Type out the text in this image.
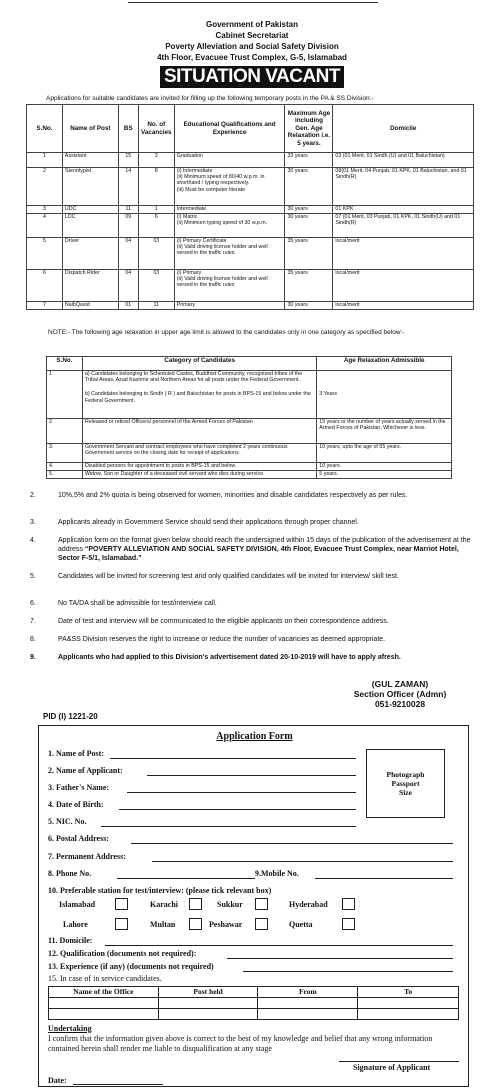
Government of Pakistan
Cabinet Secretariat
Poverty Alleviation and Social Safety Division
4th Floor, Evacuee Trust Complex, G-5, Islamabad
SITUATION VACANT
Applications for suitable candidates are invited for filling up the following temporary posts in the PA & SS Division:-
S.No.	Name of Post	BS	No. of Vacancies	Educational Qualifications and Experience	Maximum Age including Gen. Age Relaxation i.e. 5 years.	Domicile
1	Assistant	15	3	Graduation	33 years	03 (01 Merit, 01 Sindh (U) and 01 Baluchistan)
2	Stenotypist	14	8	(i) Intermediate
(ii) Minimum speed of 80/40 w.p.m. in shorthand / typing respectively.
(iii) Must be computer literate	30 years	08(01 Merit, 04 Punjab, 01 KPK, 01 Baluchistan, and 01 Sindh(R)
3	UDC	11	1	Intermediate	30 years	01 KPK
4	LDC	09	6	(i) Matric
(ii) Minimum typing speed of 30 w.p.m.	30 years	07 (01 Merit, 03 Punjab, 01 KPK, 01 Sindh(U) and 01 Sindh(R)
5	Driver	04	03	(i) Primary Certificate
(ii) Valid driving license holder and well versed in the traffic rules.	35 years	local/merit
6	Dispatch Rider	04	03	(i) Primary
(ii) Valid driving license holder and well versed in the traffic rules	35 years	local/merit
7	NaibQasid	01	11	Primary	30 years	local/merit
NOTE:- The following age relaxation in upper age limit is allowed to the candidates only in one category as specified below:-
S.No.	Category of Candidates	Age Relaxation Admissible
1	a) Candidates belonging to Scheduled Castes, Buddhist Community, recognized tribes of the Tribal Areas, Azad Kashmir and Northern Areas for all posts under the Federal Government.
b) Candidates belonging to Sindh ( R ) and Baluchistan for posts in BPS-15 and below under the Federal Government.	3 Years
2.	Released or retired Officers/ personnel of the Armed Forces of Pakistan	15 years or the number of years actually served in the Armed Forces of Pakistan, Whichever is less.
3.	Government Servant and contract employees who have completed 2 years continuous Government service on the closing date for receipt of applications.	10 years, upto the age of 55 years.
4.	Disabled persons for appointment to posts in BPS-15 and below.	10 years.
5.	Widow, Son or Daughter of a deceased civil servant who dies during service.	5 years.
2.	10%,5% and 2% quota is being observed for women, minorities and disable candidates respectively as per rules.
3.	Applicants already in Government Service should send their applications through proper channel.
4.	Application form on the format given below should reach the undersigned within 15 days of the publication of the advertisement at the address “POVERTY ALLEVIATION AND SOCIAL SAFETY DIVISION, 4th Floor, Evacuee Trust Complex, near Marriot Hotel, Sector F-5/1, Islamabad.”
5.	Candidates will be invited for screening test and only qualified candidates will be invited for interview/ skill test.
6.	No TA/DA shall be admissible for test/interview call.
7.	Date of test and interview will be communicated to the eligible applicants on their correspondence address.
8.	PA&SS Division reserves the right to increase or reduce the number of vacancies as deemed appropriate.
9.	Applicants who had applied to this Division's advertisement dated 20-10-2019 will have to apply afresh.
(GUL ZAMAN)
Section Officer (Admn)
051-9210028
PID (I) 1221-20
Application Form
1. Name of Post:
2. Name of Applicant:
3. Father's Name:
4. Date of Birth:
5. NIC. No.
Photograph
Passport
Size
6. Postal Address:
7. Permanent Address:
8. Phone No.	9.Mobile No.
10. Preferable station for test/interview: (please tick relevant box)
Islamabad	Karachi	Sukkur	Hyderabad
Lahore	Multan	Peshawar	Quetta
11. Domicile:
12. Qualification (documents not required):
13. Experience (if any) (documents not required)
15. In case of in service candidates.
Name of the Office	Post held	From	To

Undertaking
I confirm that the information given above is correct to the best of my knowledge and belief that any wrong information contained herein shall render me liable to disqualification at any stage
Signature of Applicant
Date:
